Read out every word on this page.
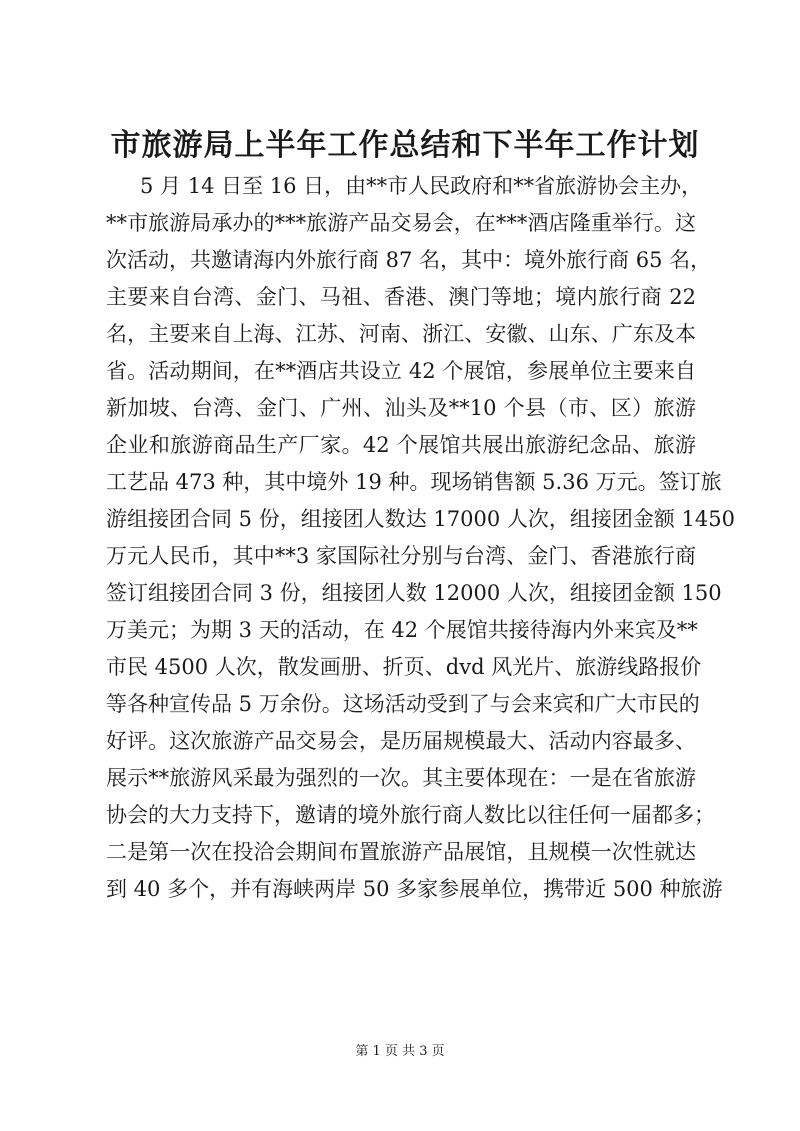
市旅游局上半年工作总结和下半年工作计划
5 月 14 日至 16 日，由**市人民政府和**省旅游协会主办，
**市旅游局承办的***旅游产品交易会，在***酒店隆重举行。这
次活动，共邀请海内外旅行商 87 名，其中：境外旅行商 65 名，
主要来自台湾、金门、马祖、香港、澳门等地；境内旅行商 22
名，主要来自上海、江苏、河南、浙江、安徽、山东、广东及本
省。活动期间，在**酒店共设立 42 个展馆，参展单位主要来自
新加坡、台湾、金门、广州、汕头及**10 个县（市、区）旅游
企业和旅游商品生产厂家。42 个展馆共展出旅游纪念品、旅游
工艺品 473 种，其中境外 19 种。现场销售额 5.36 万元。签订旅
游组接团合同 5 份，组接团人数达 17000 人次，组接团金额 1450
万元人民币，其中**3 家国际社分别与台湾、金门、香港旅行商
签订组接团合同 3 份，组接团人数 12000 人次，组接团金额 150
万美元；为期 3 天的活动，在 42 个展馆共接待海内外来宾及**
市民 4500 人次，散发画册、折页、dvd 风光片、旅游线路报价
等各种宣传品 5 万余份。这场活动受到了与会来宾和广大市民的
好评。这次旅游产品交易会，是历届规模最大、活动内容最多、
展示**旅游风采最为强烈的一次。其主要体现在：一是在省旅游
协会的大力支持下，邀请的境外旅行商人数比以往任何一届都多；
二是第一次在投洽会期间布置旅游产品展馆，且规模一次性就达
到 40 多个，并有海峡两岸 50 多家参展单位，携带近 500 种旅游
第 1 页 共 3 页
